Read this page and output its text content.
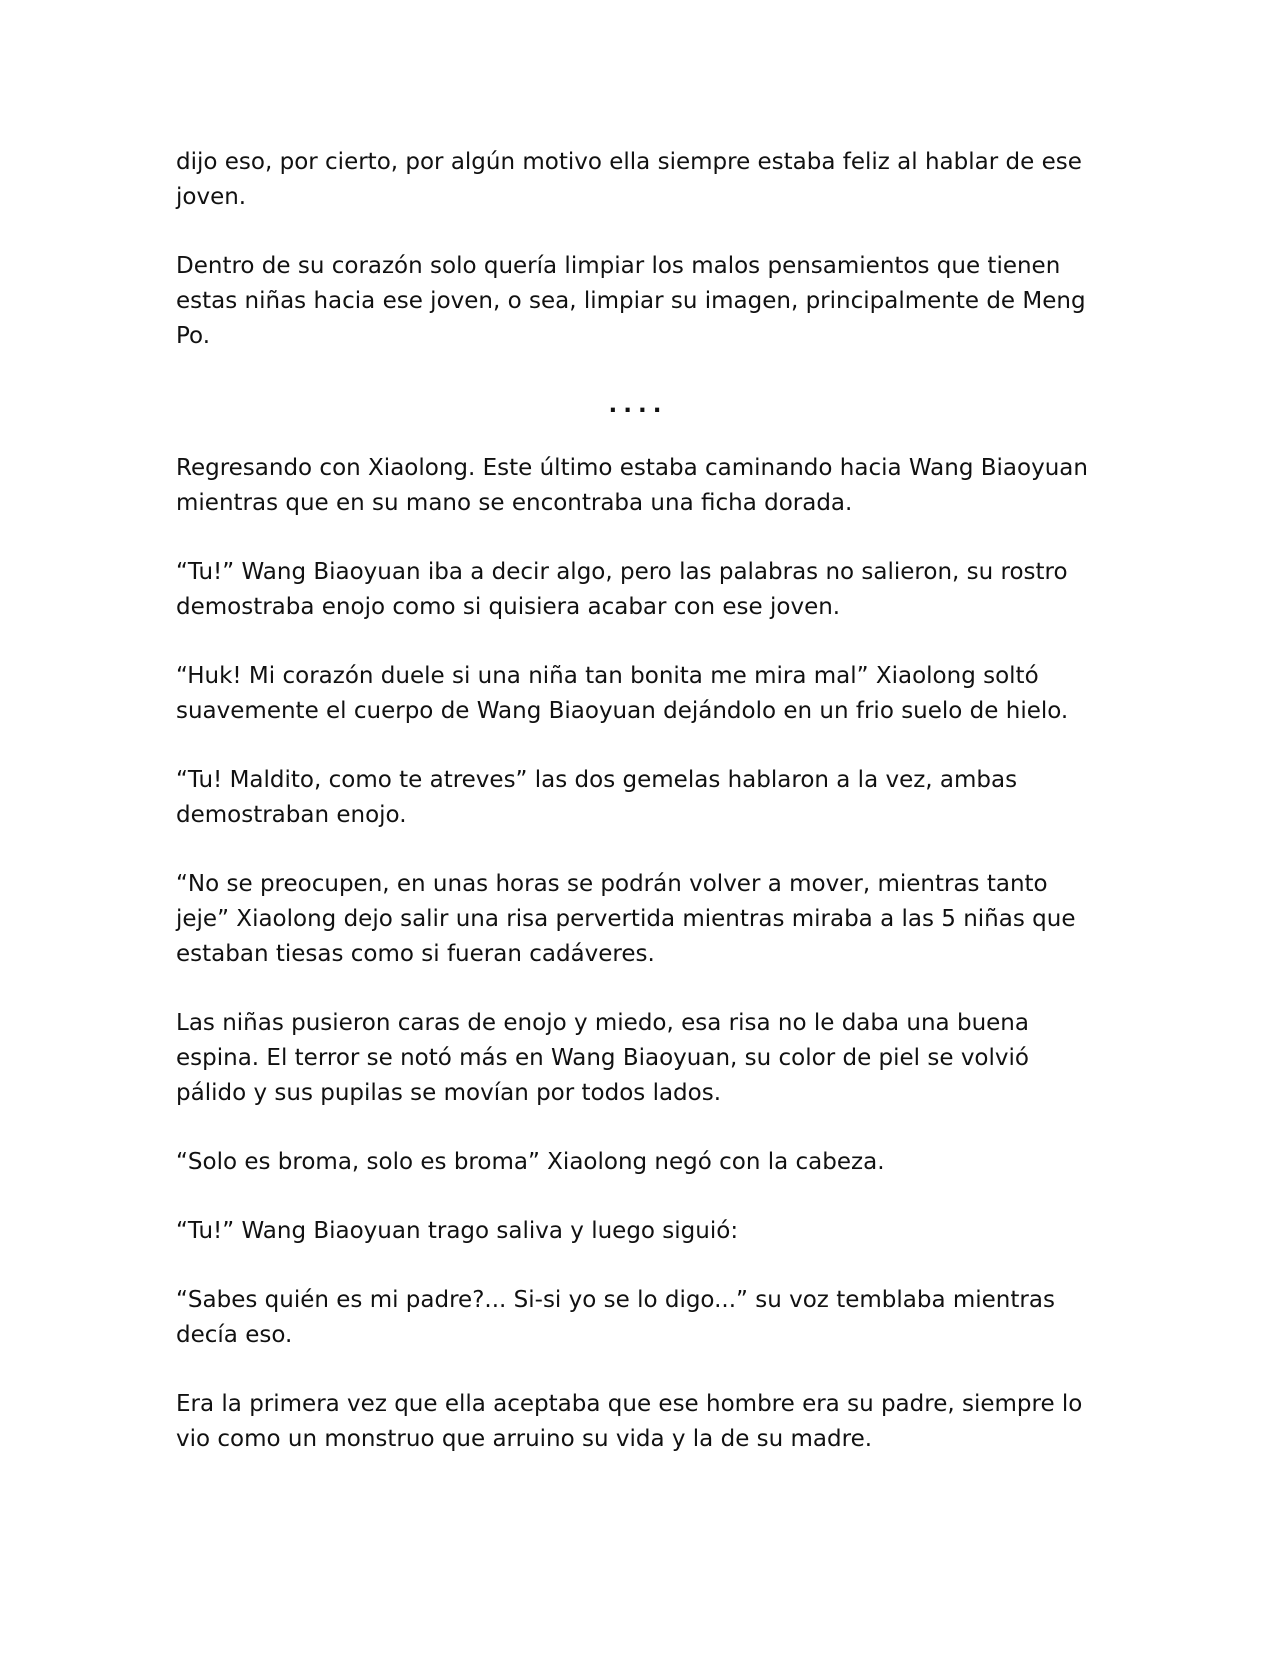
dijo eso, por cierto, por algún motivo ella siempre estaba feliz al hablar de ese joven.

Dentro de su corazón solo quería limpiar los malos pensamientos que tienen estas niñas hacia ese joven, o sea, limpiar su imagen, principalmente de Meng Po.

....

Regresando con Xiaolong. Este último estaba caminando hacia Wang Biaoyuan mientras que en su mano se encontraba una ficha dorada.

“Tu!” Wang Biaoyuan iba a decir algo, pero las palabras no salieron, su rostro demostraba enojo como si quisiera acabar con ese joven.

“Huk! Mi corazón duele si una niña tan bonita me mira mal” Xiaolong soltó suavemente el cuerpo de Wang Biaoyuan dejándolo en un frio suelo de hielo.

“Tu! Maldito, como te atreves” las dos gemelas hablaron a la vez, ambas demostraban enojo.

“No se preocupen, en unas horas se podrán volver a mover, mientras tanto jeje” Xiaolong dejo salir una risa pervertida mientras miraba a las 5 niñas que estaban tiesas como si fueran cadáveres.

Las niñas pusieron caras de enojo y miedo, esa risa no le daba una buena espina. El terror se notó más en Wang Biaoyuan, su color de piel se volvió pálido y sus pupilas se movían por todos lados.

“Solo es broma, solo es broma” Xiaolong negó con la cabeza.

“Tu!” Wang Biaoyuan trago saliva y luego siguió:

“Sabes quién es mi padre?... Si-si yo se lo digo...” su voz temblaba mientras decía eso.

Era la primera vez que ella aceptaba que ese hombre era su padre, siempre lo vio como un monstruo que arruino su vida y la de su madre.
